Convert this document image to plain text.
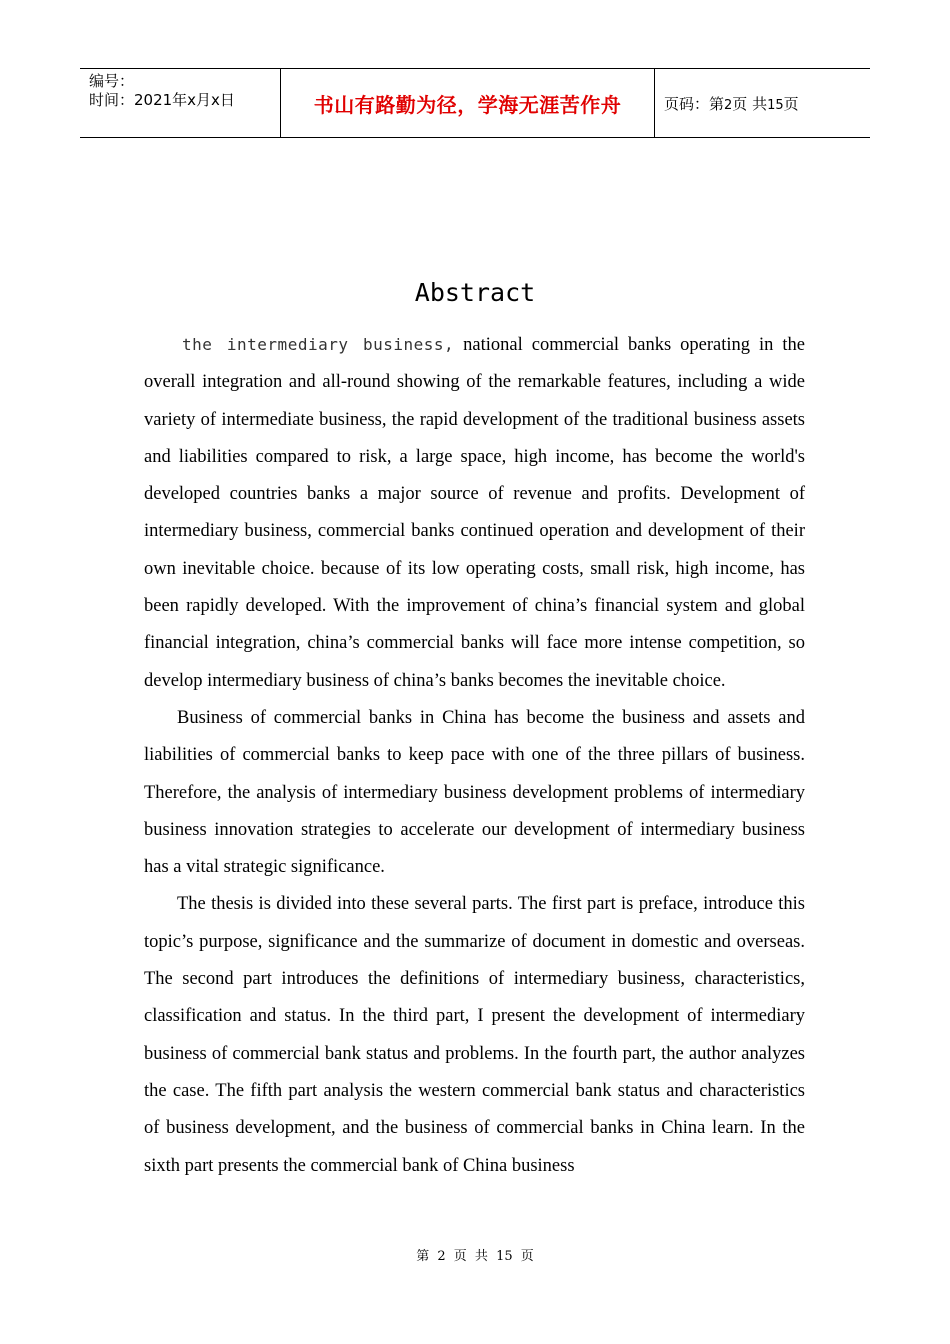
编号：
时间：2021年x月x日	书山有路勤为径，学海无涯苦作舟	页码：第2页 共15页
Abstract

the intermediary business, national commercial banks operating in the overall integration and all-round showing of the remarkable features, including a wide variety of intermediate business, the rapid development of the traditional business assets and liabilities compared to risk, a large space, high income, has become the world's developed countries banks a major source of revenue and profits. Development of intermediary business, commercial banks continued operation and development of their own inevitable choice. because of its low operating costs, small risk, high income, has been rapidly developed. With the improvement of china’s financial system and global financial integration, china’s commercial banks will face more intense competition, so develop intermediary business of china’s banks becomes the inevitable choice.

Business of commercial banks in China has become the business and assets and liabilities of commercial banks to keep pace with one of the three pillars of business. Therefore, the analysis of intermediary business development problems of intermediary business innovation strategies to accelerate our development of intermediary business has a vital strategic significance.

The thesis is divided into these several parts. The first part is preface, introduce this topic’s purpose, significance and the summarize of document in domestic and overseas. The second part introduces the definitions of intermediary business, characteristics, classification and status. In the third part, I present the development of intermediary business of commercial bank status and problems. In the fourth part, the author analyzes the case. The fifth part analysis the western commercial bank status and characteristics of business development, and the business of commercial banks in China learn. In the sixth part presents the commercial bank of China business

第 2 页 共 15 页
